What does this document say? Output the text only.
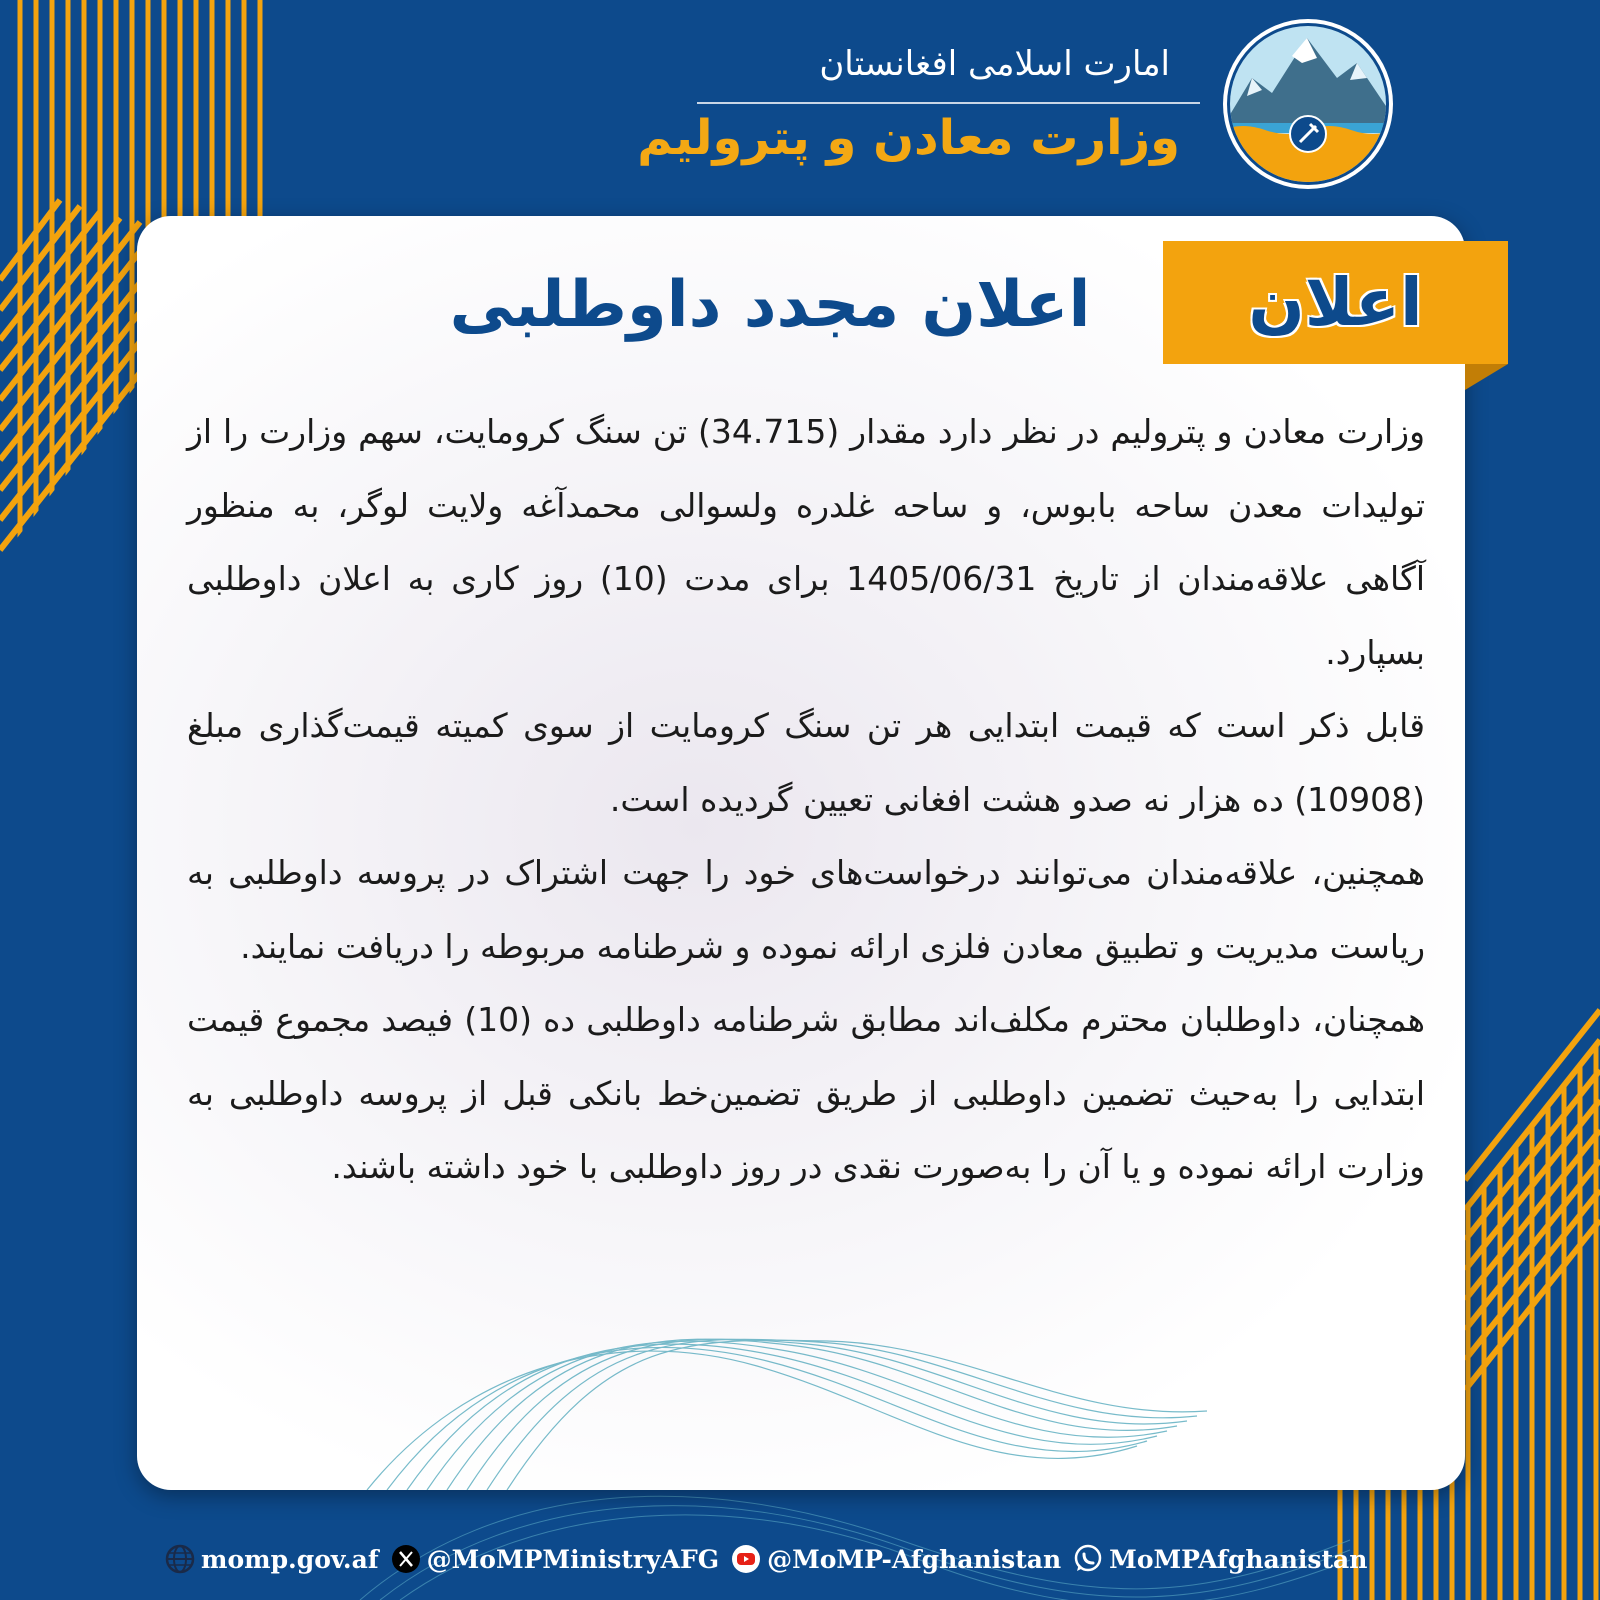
امارت اسلامی افغانستان
وزارت معادن و پترولیم
اعلان
اعلان مجدد داوطلبی

وزارت معادن و پترولیم در نظر دارد مقدار (34.715) تن سنگ کرومایت، سهم وزارت را از تولیدات معدن ساحه بابوس، و ساحه غلدره ولسوالی محمدآغه ولایت لوگر، به منظور آگاهی علاقه‌مندان از تاریخ 1405/06/31 برای مدت (10) روز کاری به اعلان داوطلبی بسپارد.

قابل ذکر است که قیمت ابتدایی هر تن سنگ کرومایت از سوی کمیته قیمت‌گذاری مبلغ (10908) ده هزار نه صدو هشت افغانی تعیین گردیده است.

همچنین، علاقه‌مندان می‌توانند درخواست‌های خود را جهت اشتراک در پروسه داوطلبی به ریاست مدیریت و تطبیق معادن فلزی ارائه نموده و شرطنامه مربوطه را دریافت نمایند.

همچنان، داوطلبان محترم مکلف‌اند مطابق شرطنامه داوطلبی ده (10) فیصد مجموع قیمت ابتدایی را به‌حیث تضمین داوطلبی از طریق تضمین‌خط بانکی قبل از پروسه داوطلبی به وزارت ارائه نموده و یا آن را به‌صورت نقدی در روز داوطلبی با خود داشته باشند.

momp.gov.af @MoMPMinistryAFG @MoMP-Afghanistan MoMPAfghanistan
